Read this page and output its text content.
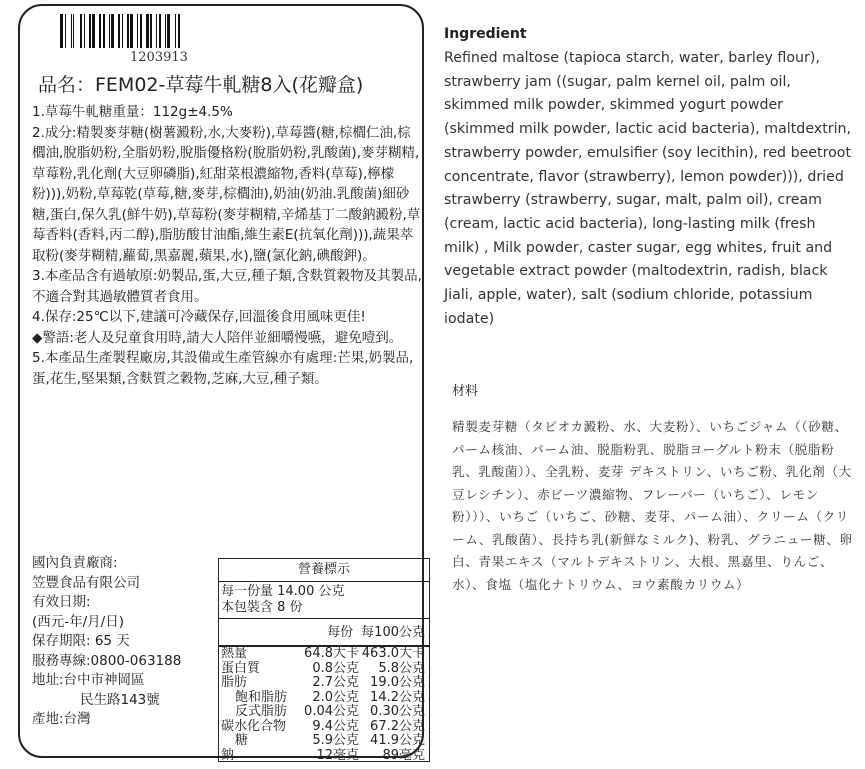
1203913
品名：FEM02-草莓牛軋糖8入(花瓣盒)

1.草莓牛軋糖重量：112g±4.5%

2.成分:精製麥芽糖(樹薯澱粉,水,大麥粉),草莓醬(糖,棕櫚仁油,棕櫚油,脫脂奶粉,全脂奶粉,脫脂優格粉(脫脂奶粉,乳酸菌),麥芽糊精,草莓粉,乳化劑(大豆卵磷脂),紅甜菜根濃縮物,香料(草莓),檸檬粉))),奶粉,草莓乾(草莓,糖,麥芽,棕櫚油),奶油(奶油.乳酸菌)細砂糖,蛋白,保久乳(鮮牛奶),草莓粉(麥芽糊精,辛烯基丁二酸鈉澱粉,草莓香料(香料,丙二醇),脂肪酸甘油酯,維生素E(抗氧化劑))),蔬果萃取粉(麥芽糊精,蘿蔔,黑嘉麗,蘋果,水),鹽(氯化鈉,碘酸鉀)。

3.本產品含有過敏原:奶製品,蛋,大豆,種子類,含麩質穀物及其製品,不適合對其過敏體質者食用。

4.保存:25℃以下,建議可冷藏保存,回溫後食用風味更佳!

◆警語:老人及兒童食用時,請大人陪伴並細嚼慢嚥，避免噎到。

5.本產品生產製程廠房,其設備或生產管線亦有處理:芒果,奶製品,蛋,花生,堅果類,含麩質之穀物,芝麻,大豆,種子類。

國內負責廠商:
笠豐食品有限公司
有效日期:
(西元-年/月/日)
保存期限: 65 天
服務專線:0800-063188
地址:台中市神岡區
民生路143號
產地:台灣
營養標示
每一份量 14.00 公克
本包裝含 8 份
每份 每100公克
熱量	64.8大卡 463.0大卡
蛋白質	0.8公克	5.8公克
脂肪	2.7公克 19.0公克
飽和脂肪	2.0公克 14.2公克
反式脂肪	0.04公克 0.30公克
碳水化合物	9.4公克 67.2公克
糖	5.9公克 41.9公克
鈉	12毫克	89毫克
Ingredient
Refined maltose (tapioca starch, water, barley flour), strawberry jam ((sugar, palm kernel oil, palm oil, skimmed milk powder, skimmed yogurt powder (skimmed milk powder, lactic acid bacteria), maltdextrin, strawberry powder, emulsifier (soy lecithin), red beetroot concentrate, flavor (strawberry), lemon powder))), dried strawberry (strawberry, sugar, malt, palm oil), cream (cream, lactic acid bacteria), long-lasting milk (fresh milk) , Milk powder, caster sugar, egg whites, fruit and vegetable extract powder (maltodextrin, radish, black Jiali, apple, water), salt (sodium chloride, potassium iodate)
材料
精製麦芽糖（タピオカ澱粉、水、大麦粉）、いちごジャム（（砂糖、パーム核油、パーム油、脱脂粉乳、脱脂ヨーグルト粉末（脱脂粉乳、乳酸菌））、全乳粉、麦芽 デキストリン、いちご粉、乳化剤（大豆レシチン）、赤ビーツ濃縮物、フレーバー（いちご）、レモン粉）））、いちご（いちご、砂糖、麦芽、パーム油）、クリーム（クリーム、乳酸菌）、長持ち乳(新鮮なミルク)、粉乳、グラニュー糖、卵白、青果エキス（マルトデキストリン、大根、黑嘉里、りんご、水）、食塩（塩化ナトリウム、ヨウ素酸カリウム）
